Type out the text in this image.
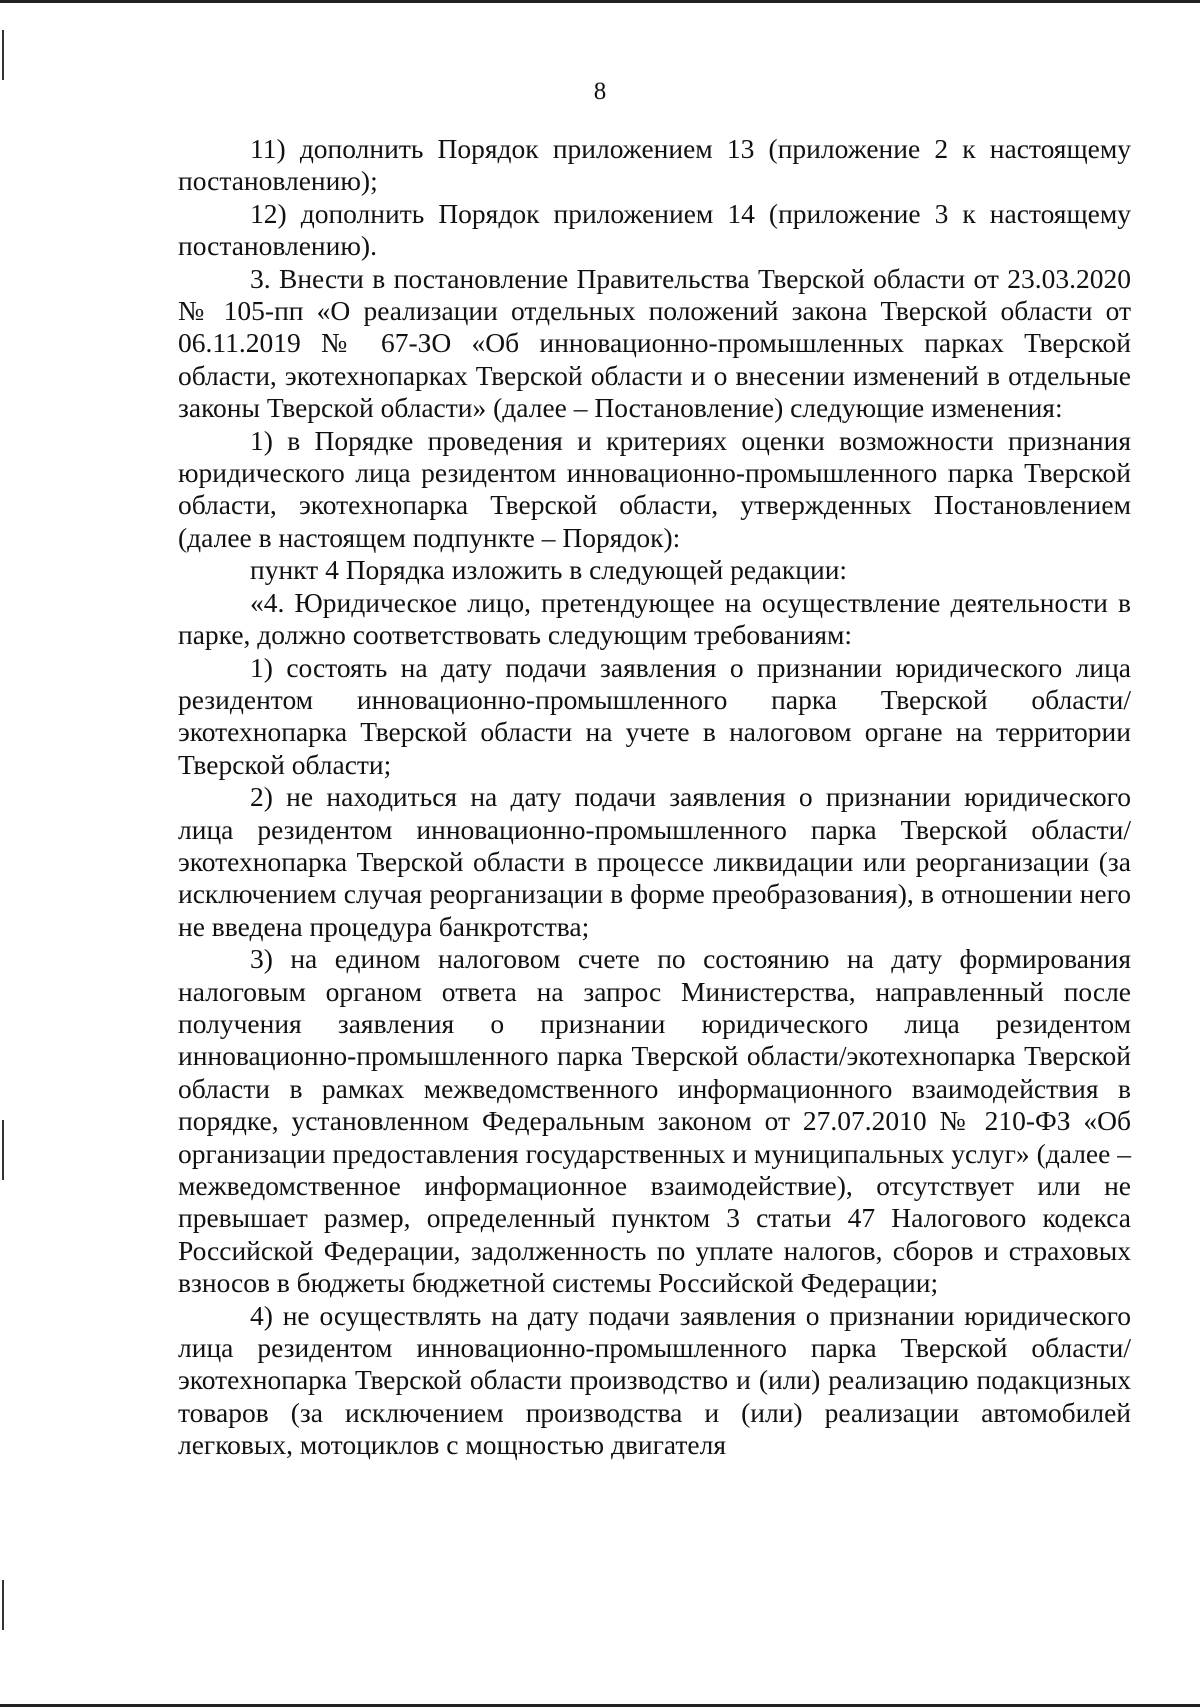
8

11) дополнить Порядок приложением 13 (приложение 2 к настоящему постановлению);

12) дополнить Порядок приложением 14 (приложение 3 к настоящему постановлению).

3. Внести в постановление Правительства Тверской области от 23.03.2020 № 105-пп «О реализации отдельных положений закона Тверской области от 06.11.2019 № 67-ЗО «Об инновационно-промышленных парках Тверской области, экотехнопарках Тверской области и о внесении изменений в отдельные законы Тверской области» (далее – Постановление) следующие изменения:

1) в Порядке проведения и критериях оценки возможности признания юридического лица резидентом инновационно-промышленного парка Тверской области, экотехнопарка Тверской области, утвержденных Постановлением (далее в настоящем подпункте – Порядок):

пункт 4 Порядка изложить в следующей редакции:

«4. Юридическое лицо, претендующее на осуществление деятельности в парке, должно соответствовать следующим требованиям:

1) состоять на дату подачи заявления о признании юридического лица резидентом инновационно-промышленного парка Тверской области/экотехнопарка Тверской области на учете в налоговом органе на территории Тверской области;

2) не находиться на дату подачи заявления о признании юридического лица резидентом инновационно-промышленного парка Тверской области/экотехнопарка Тверской области в процессе ликвидации или реорганизации (за исключением случая реорганизации в форме преобразования), в отношении него не введена процедура банкротства;

3) на едином налоговом счете по состоянию на дату формирования налоговым органом ответа на запрос Министерства, направленный после получения заявления о признании юридического лица резидентом инновационно-промышленного парка Тверской области/экотехнопарка Тверской области в рамках межведомственного информационного взаимодействия в порядке, установленном Федеральным законом от 27.07.2010 № 210-ФЗ «Об организации предоставления государственных и муниципальных услуг» (далее – межведомственное информационное взаимодействие), отсутствует или не превышает размер, определенный пунктом 3 статьи 47 Налогового кодекса Российской Федерации, задолженность по уплате налогов, сборов и страховых взносов в бюджеты бюджетной системы Российской Федерации;

4) не осуществлять на дату подачи заявления о признании юридического лица резидентом инновационно-промышленного парка Тверской области/экотехнопарка Тверской области производство и (или) реализацию подакцизных товаров (за исключением производства и (или) реализации автомобилей легковых, мотоциклов с мощностью двигателя
